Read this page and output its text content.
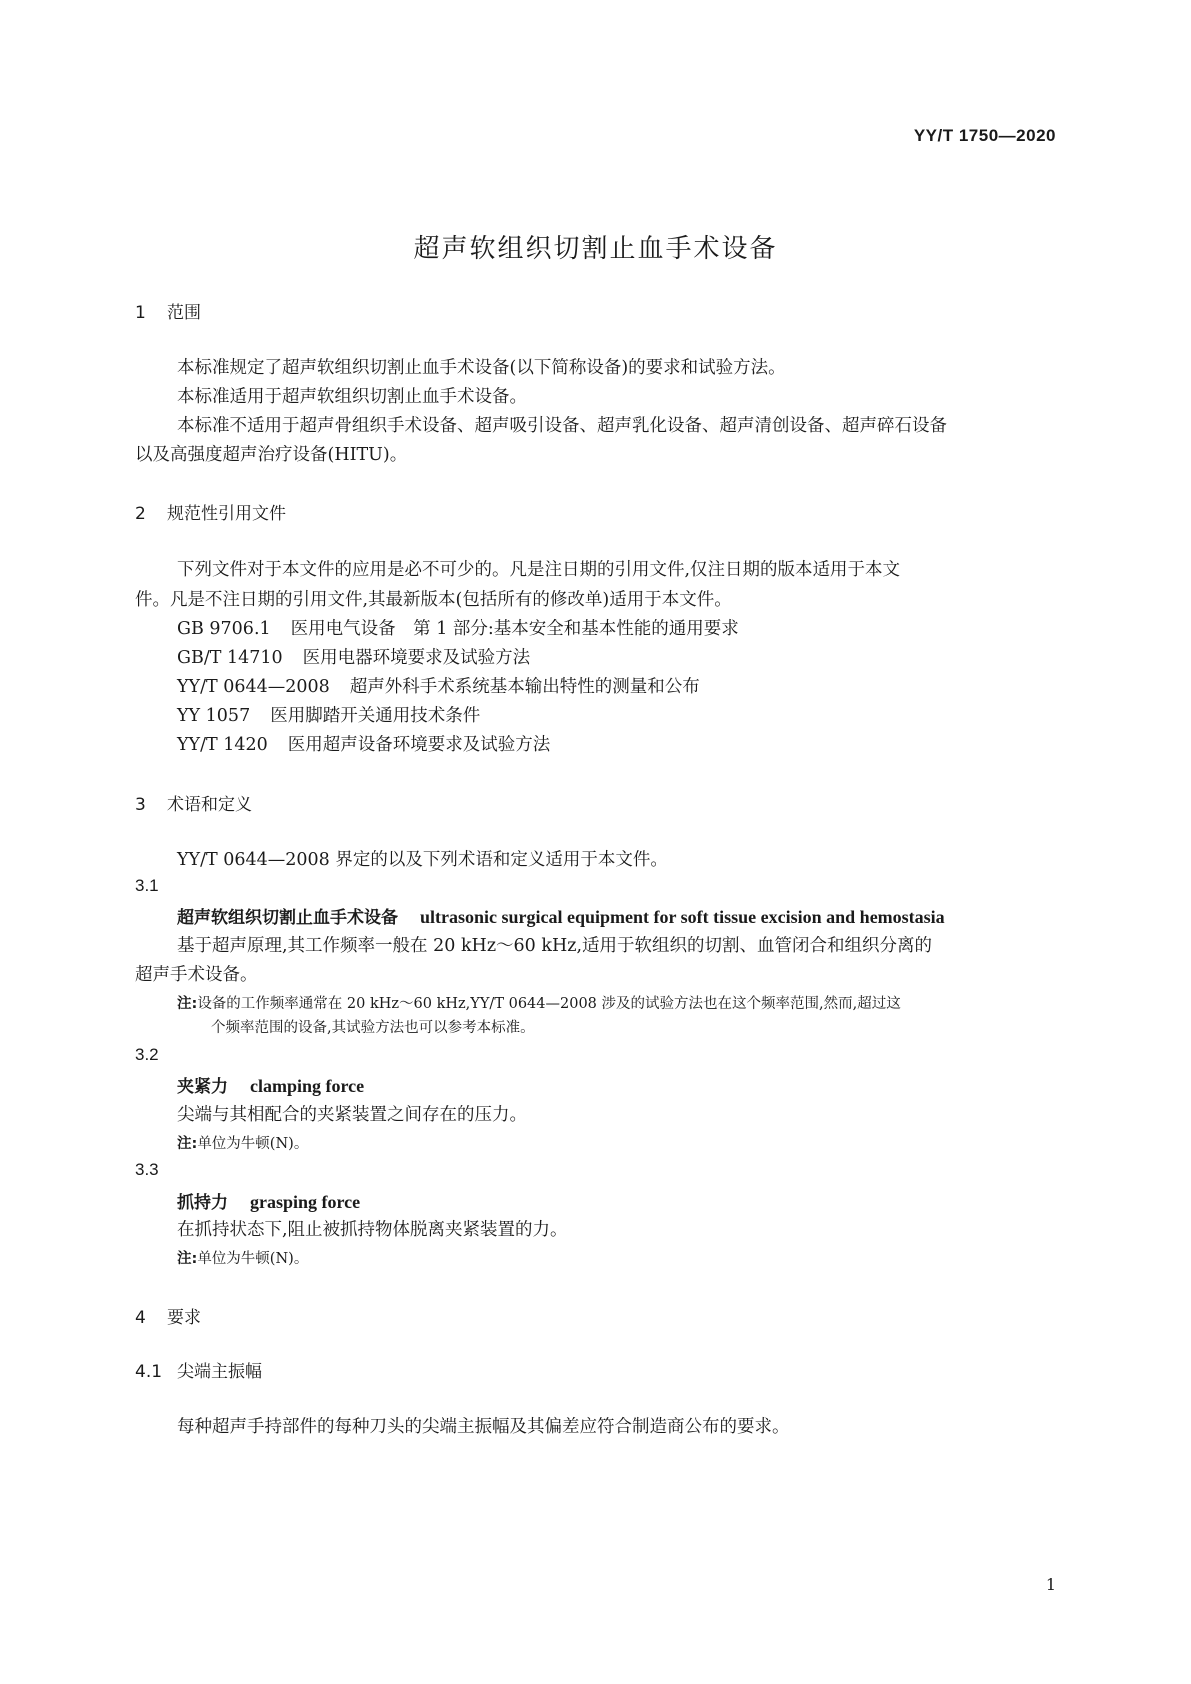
YY/T 1750—2020
超声软组织切割止血手术设备
1 范围
本标准规定了超声软组织切割止血手术设备(以下简称设备)的要求和试验方法。
本标准适用于超声软组织切割止血手术设备。
本标准不适用于超声骨组织手术设备、超声吸引设备、超声乳化设备、超声清创设备、超声碎石设备
以及高强度超声治疗设备(HITU)。
2 规范性引用文件
下列文件对于本文件的应用是必不可少的。凡是注日期的引用文件,仅注日期的版本适用于本文
件。凡是不注日期的引用文件,其最新版本(包括所有的修改单)适用于本文件。
GB 9706.1 医用电气设备　第 1 部分:基本安全和基本性能的通用要求
GB/T 14710 医用电器环境要求及试验方法
YY/T 0644—2008 超声外科手术系统基本输出特性的测量和公布
YY 1057 医用脚踏开关通用技术条件
YY/T 1420 医用超声设备环境要求及试验方法
3 术语和定义
YY/T 0644—2008 界定的以及下列术语和定义适用于本文件。
3.1
超声软组织切割止血手术设备 ultrasonic surgical equipment for soft tissue excision and hemostasia
基于超声原理,其工作频率一般在 20 kHz～60 kHz,适用于软组织的切割、血管闭合和组织分离的
超声手术设备。
注:设备的工作频率通常在 20 kHz～60 kHz,YY/T 0644—2008 涉及的试验方法也在这个频率范围,然而,超过这
个频率范围的设备,其试验方法也可以参考本标准。
3.2
夹紧力 clamping force
尖端与其相配合的夹紧装置之间存在的压力。
注:单位为牛顿(N)。
3.3
抓持力 grasping force
在抓持状态下,阻止被抓持物体脱离夹紧装置的力。
注:单位为牛顿(N)。
4 要求
4.1 尖端主振幅
每种超声手持部件的每种刀头的尖端主振幅及其偏差应符合制造商公布的要求。
1
